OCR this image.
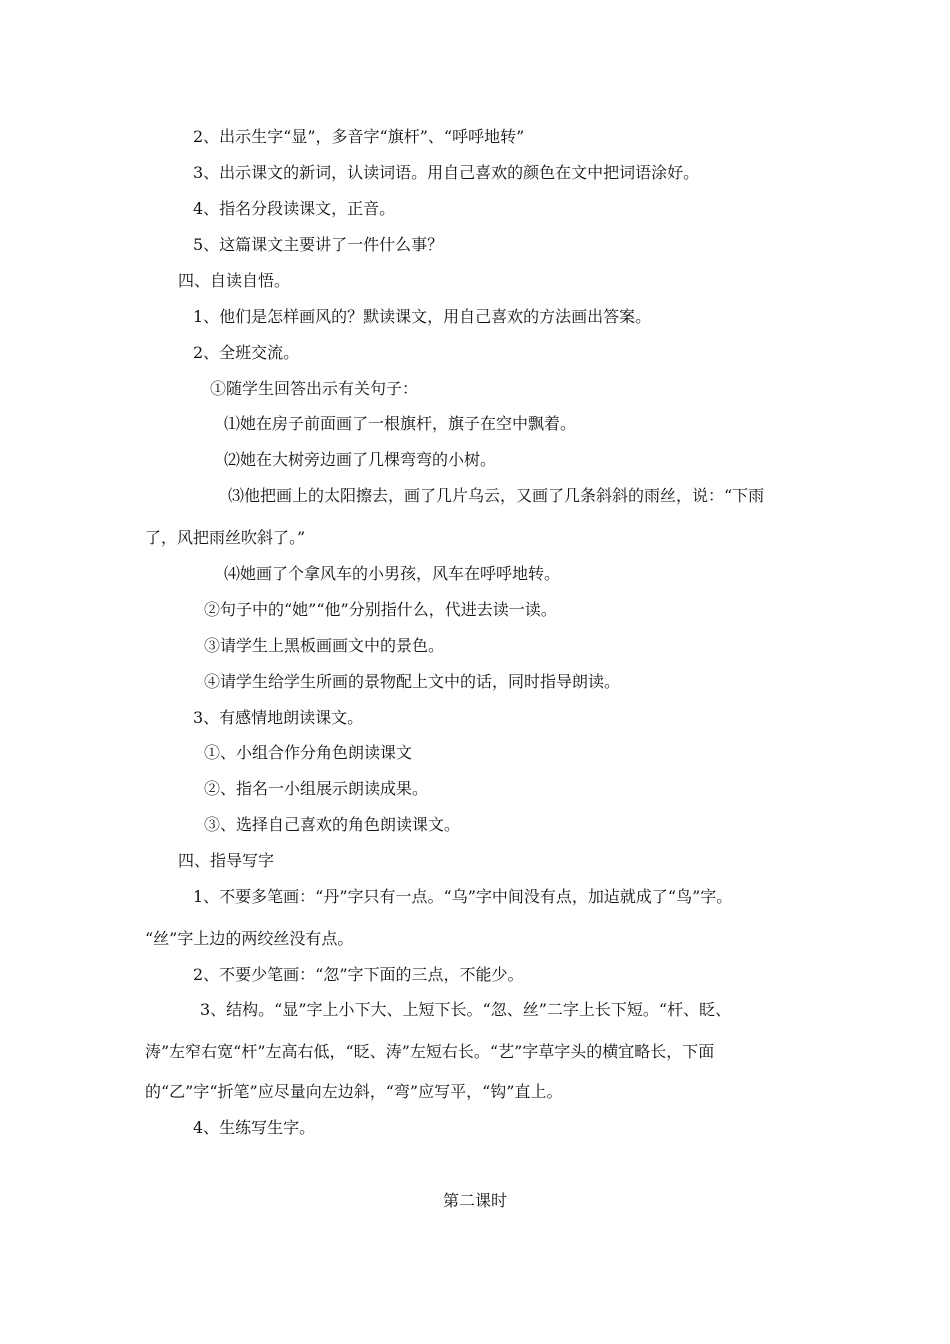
2、出示生字“显”，多音字“旗杆”、“呼呼地转”
3、出示课文的新词，认读词语。用自己喜欢的颜色在文中把词语涂好。
4、指名分段读课文，正音。
5、这篇课文主要讲了一件什么事？
四、自读自悟。
1、他们是怎样画风的？默读课文，用自己喜欢的方法画出答案。
2、全班交流。
①随学生回答出示有关句子：
⑴她在房子前面画了一根旗杆，旗子在空中飘着。
⑵她在大树旁边画了几棵弯弯的小树。
⑶他把画上的太阳擦去，画了几片乌云，又画了几条斜斜的雨丝，说：“下雨
了，风把雨丝吹斜了。”
⑷她画了个拿风车的小男孩，风车在呼呼地转。
②句子中的“她”“他”分别指什么，代进去读一读。
③请学生上黑板画画文中的景色。
④请学生给学生所画的景物配上文中的话，同时指导朗读。
3、有感情地朗读课文。
①、小组合作分角色朗读课文
②、指名一小组展示朗读成果。
③、选择自己喜欢的角色朗读课文。
四、指导写字
1、不要多笔画：“丹”字只有一点。“乌”字中间没有点，加迠就成了“鸟”字。
“丝”字上边的两绞丝没有点。
2、不要少笔画：“忽”字下面的三点，不能少。
3、结构。“显”字上小下大、上短下长。“忽、丝”二字上长下短。“杆、眨、
涛”左窄右宽“杆”左高右低，“眨、涛”左短右长。“艺”字草字头的横宜略长，下面
的“乙”字“折笔”应尽量向左边斜，“弯”应写平，“钩”直上。
4、生练写生字。
第二课时
